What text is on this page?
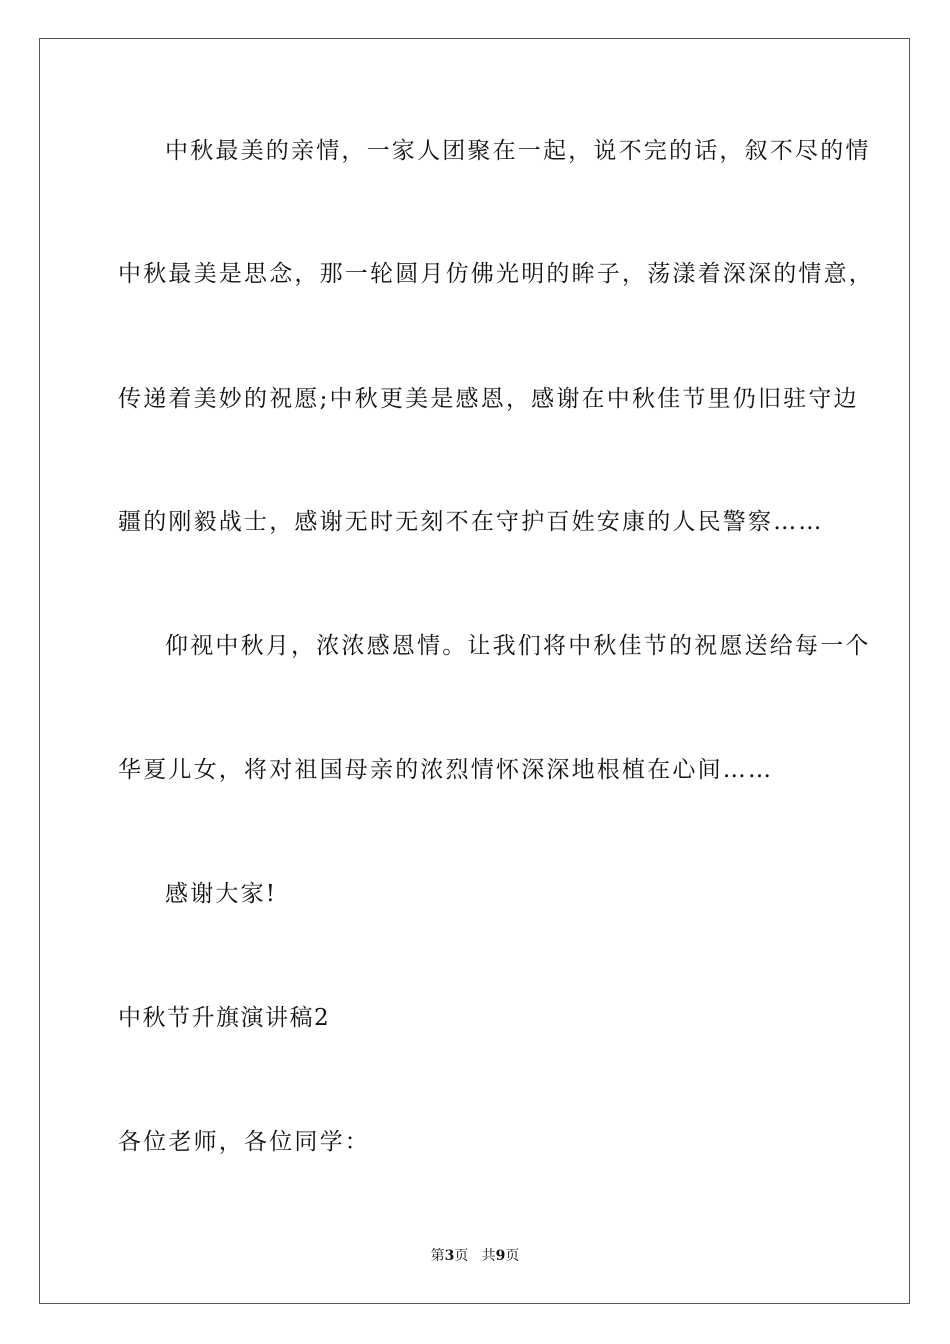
中秋最美的亲情，一家人团聚在一起，说不完的话，叙不尽的情
中秋最美是思念，那一轮圆月仿佛光明的眸子，荡漾着深深的情意，
传递着美妙的祝愿;中秋更美是感恩，感谢在中秋佳节里仍旧驻守边
疆的刚毅战士，感谢无时无刻不在守护百姓安康的人民警察……
仰视中秋月，浓浓感恩情。让我们将中秋佳节的祝愿送给每一个
华夏儿女，将对祖国母亲的浓烈情怀深深地根植在心间……
感谢大家!
中秋节升旗演讲稿2
各位老师，各位同学：
第3页 共9页
